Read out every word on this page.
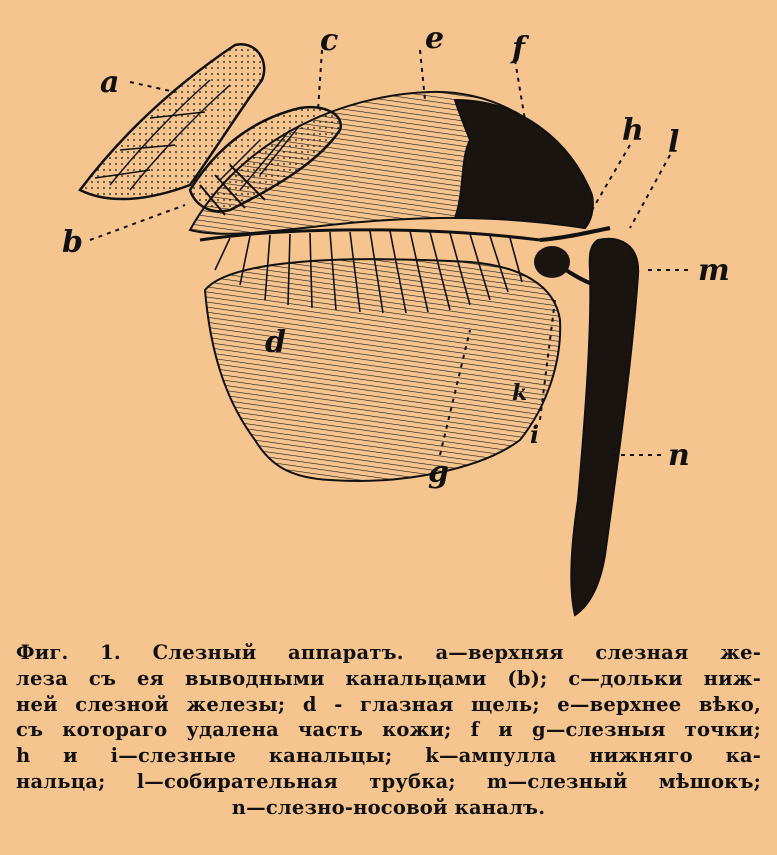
a
b
c	e f
h l
m
d
k
i
g	n
Фиг. 1. Слезный аппаратъ. a—верхняя слезная же-
леза съ ея выводными канальцами (b); c—дольки ниж-
ней слезной железы; d - глазная щель; e—верхнее вѣко,
съ котораго удалена часть кожи; f и g—слезныя точки;
h и i—слезные канальцы; k—ампулла нижняго ка-
нальца; l—собирательная трубка; m—слезный мѣшокъ;
n—слезно-носовой каналъ.
